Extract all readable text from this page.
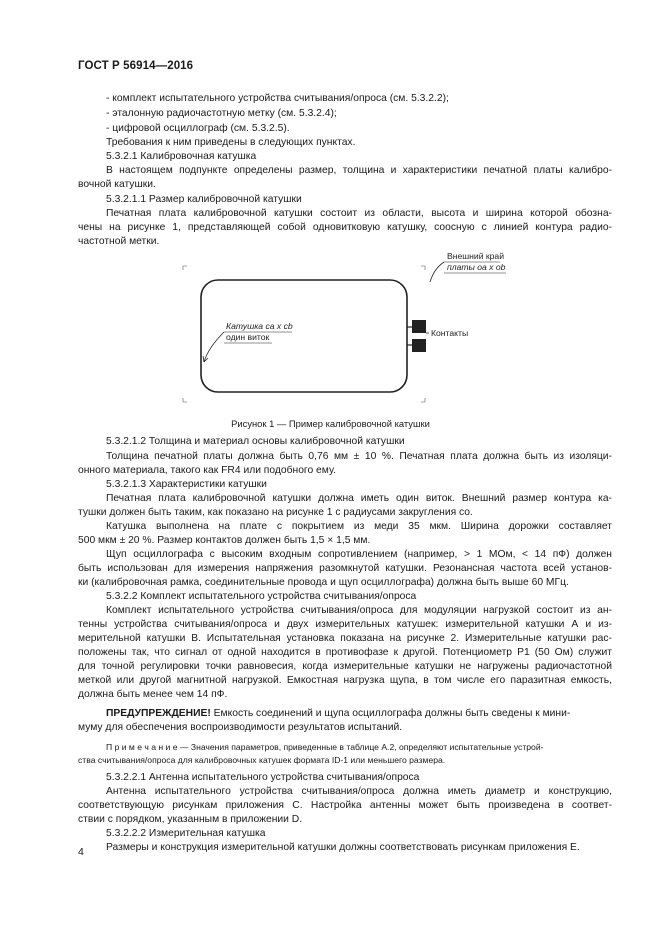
ГОСТ Р 56914—2016
- комплект испытательного устройства считывания/опроса (см. 5.3.2.2);
- эталонную радиочастотную метку (см. 5.3.2.4);
- цифровой осциллограф (см. 5.3.2.5).
Требования к ним приведены в следующих пунктах.
5.3.2.1 Калибровочная катушка
В настоящем подпункте определены размер, толщина и характеристики печатной платы калибро-
вочной катушки.
5.3.2.1.1 Размер калибровочной катушки
Печатная плата калибровочной катушки состоит из области, высота и ширина которой обозна-
чены на рисунке 1, представляющей собой одновитковую катушку, соосную с линией контура радио-
частотной метки.
Внешний край
платы oa x ob
Катушка ca x cb
один виток	Контакты
Рисунок 1 — Пример калибровочной катушки
5.3.2.1.2 Толщина и материал основы калибровочной катушки
Толщина печатной платы должна быть 0,76 мм ± 10 %. Печатная плата должна быть из изоляци-
онного материала, такого как FR4 или подобного ему.
5.3.2.1.3 Характеристики катушки
Печатная плата калибровочной катушки должна иметь один виток. Внешний размер контура ка-
тушки должен быть таким, как показано на рисунке 1 с радиусами закругления co.
Катушка выполнена на плате с покрытием из меди 35 мкм. Ширина дорожки составляет
500 мкм ± 20 %. Размер контактов должен быть 1,5 × 1,5 мм.
Щуп осциллографа с высоким входным сопротивлением (например, > 1 МОм, < 14 пФ) должен
быть использован для измерения напряжения разомкнутой катушки. Резонансная частота всей установ-
ки (калибровочная рамка, соединительные провода и щуп осциллографа) должна быть выше 60 МГц.
5.3.2.2 Комплект испытательного устройства считывания/опроса
Комплект испытательного устройства считывания/опроса для модуляции нагрузкой состоит из ан-
тенны устройства считывания/опроса и двух измерительных катушек: измерительной катушки А и из-
мерительной катушки В. Испытательная установка показана на рисунке 2. Измерительные катушки рас-
положены так, что сигнал от одной находится в противофазе к другой. Потенциометр Р1 (50 Ом) служит
для точной регулировки точки равновесия, когда измерительные катушки не нагружены радиочастотной
меткой или другой магнитной нагрузкой. Емкостная нагрузка щупа, в том числе его паразитная емкость,
должна быть менее чем 14 пФ.
ПРЕДУПРЕЖДЕНИЕ! Емкость соединений и щупа осциллографа должны быть сведены к мини-
муму для обеспечения воспроизводимости результатов испытаний.
П р и м е ч а н и е — Значения параметров, приведенные в таблице А.2, определяют испытательные устрой-
ства считывания/опроса для калибровочных катушек формата ID-1 или меньшего размера.
5.3.2.2.1 Антенна испытательного устройства считывания/опроса
Антенна испытательного устройства считывания/опроса должна иметь диаметр и конструкцию,
соответствующую рисункам приложения С. Настройка антенны может быть произведена в соответ-
ствии с порядком, указанным в приложении D.
5.3.2.2.2 Измерительная катушка
Размеры и конструкция измерительной катушки должны соответствовать рисункам приложения Е.
4
